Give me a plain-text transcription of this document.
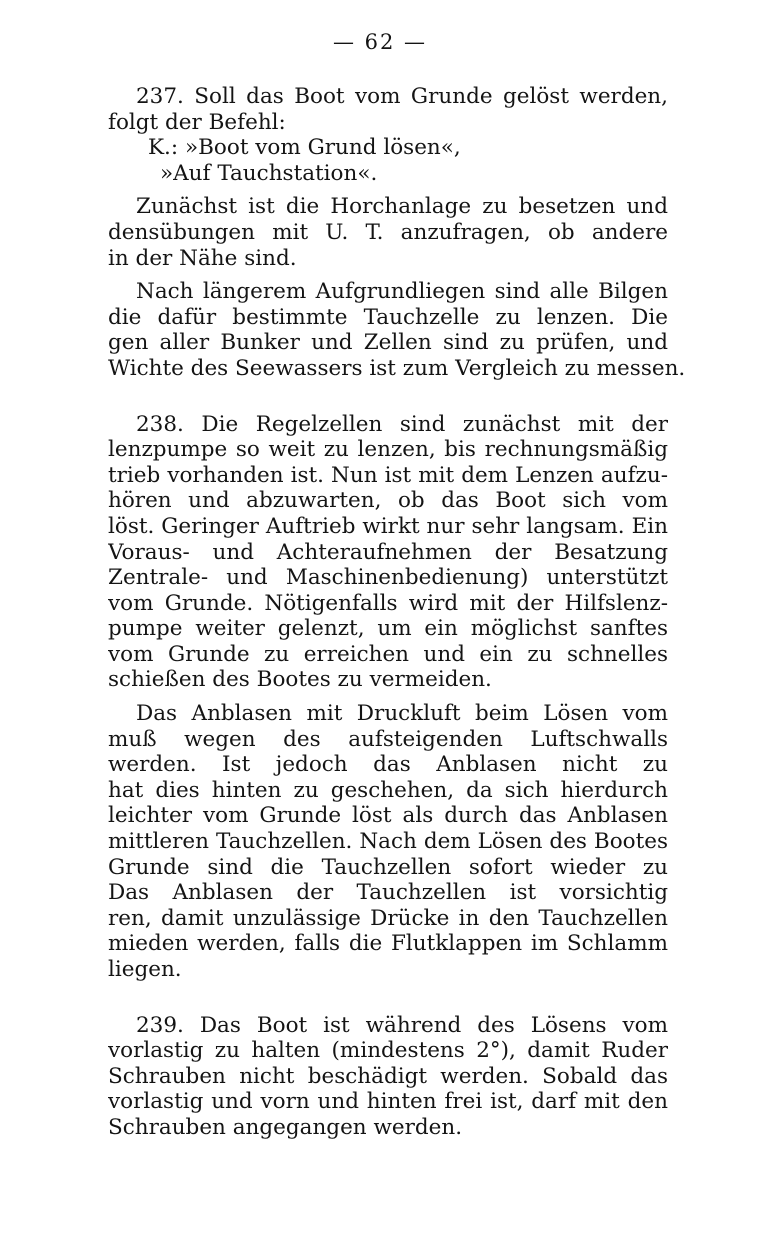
— 62 —
237. Soll das Boot vom Grunde gelöst werden,
folgt der Befehl:
K.: »Boot vom Grund lösen«,
»Auf Tauchstation«.
Zunächst ist die Horchanlage zu besetzen und
densübungen mit U. T. anzufragen, ob andere
in der Nähe sind.
Nach längerem Aufgrundliegen sind alle Bilgen
die dafür bestimmte Tauchzelle zu lenzen. Die
gen aller Bunker und Zellen sind zu prüfen, und
Wichte des Seewassers ist zum Vergleich zu messen.
238. Die Regelzellen sind zunächst mit der
lenzpumpe so weit zu lenzen, bis rechnungsmäßig
trieb vorhanden ist. Nun ist mit dem Lenzen aufzu-
hören und abzuwarten, ob das Boot sich vom
löst. Geringer Auftrieb wirkt nur sehr langsam. Ein
Voraus- und Achteraufnehmen der Besatzung
Zentrale- und Maschinenbedienung) unterstützt
vom Grunde. Nötigenfalls wird mit der Hilfslenz-
pumpe weiter gelenzt, um ein möglichst sanftes
vom Grunde zu erreichen und ein zu schnelles
schießen des Bootes zu vermeiden.
Das Anblasen mit Druckluft beim Lösen vom
muß wegen des aufsteigenden Luftschwalls
werden. Ist jedoch das Anblasen nicht zu
hat dies hinten zu geschehen, da sich hierdurch
leichter vom Grunde löst als durch das Anblasen
mittleren Tauchzellen. Nach dem Lösen des Bootes
Grunde sind die Tauchzellen sofort wieder zu
Das Anblasen der Tauchzellen ist vorsichtig
ren, damit unzulässige Drücke in den Tauchzellen
mieden werden, falls die Flutklappen im Schlamm
liegen.
239. Das Boot ist während des Lösens vom
vorlastig zu halten (mindestens 2°), damit Ruder
Schrauben nicht beschädigt werden. Sobald das
vorlastig und vorn und hinten frei ist, darf mit den
Schrauben angegangen werden.
